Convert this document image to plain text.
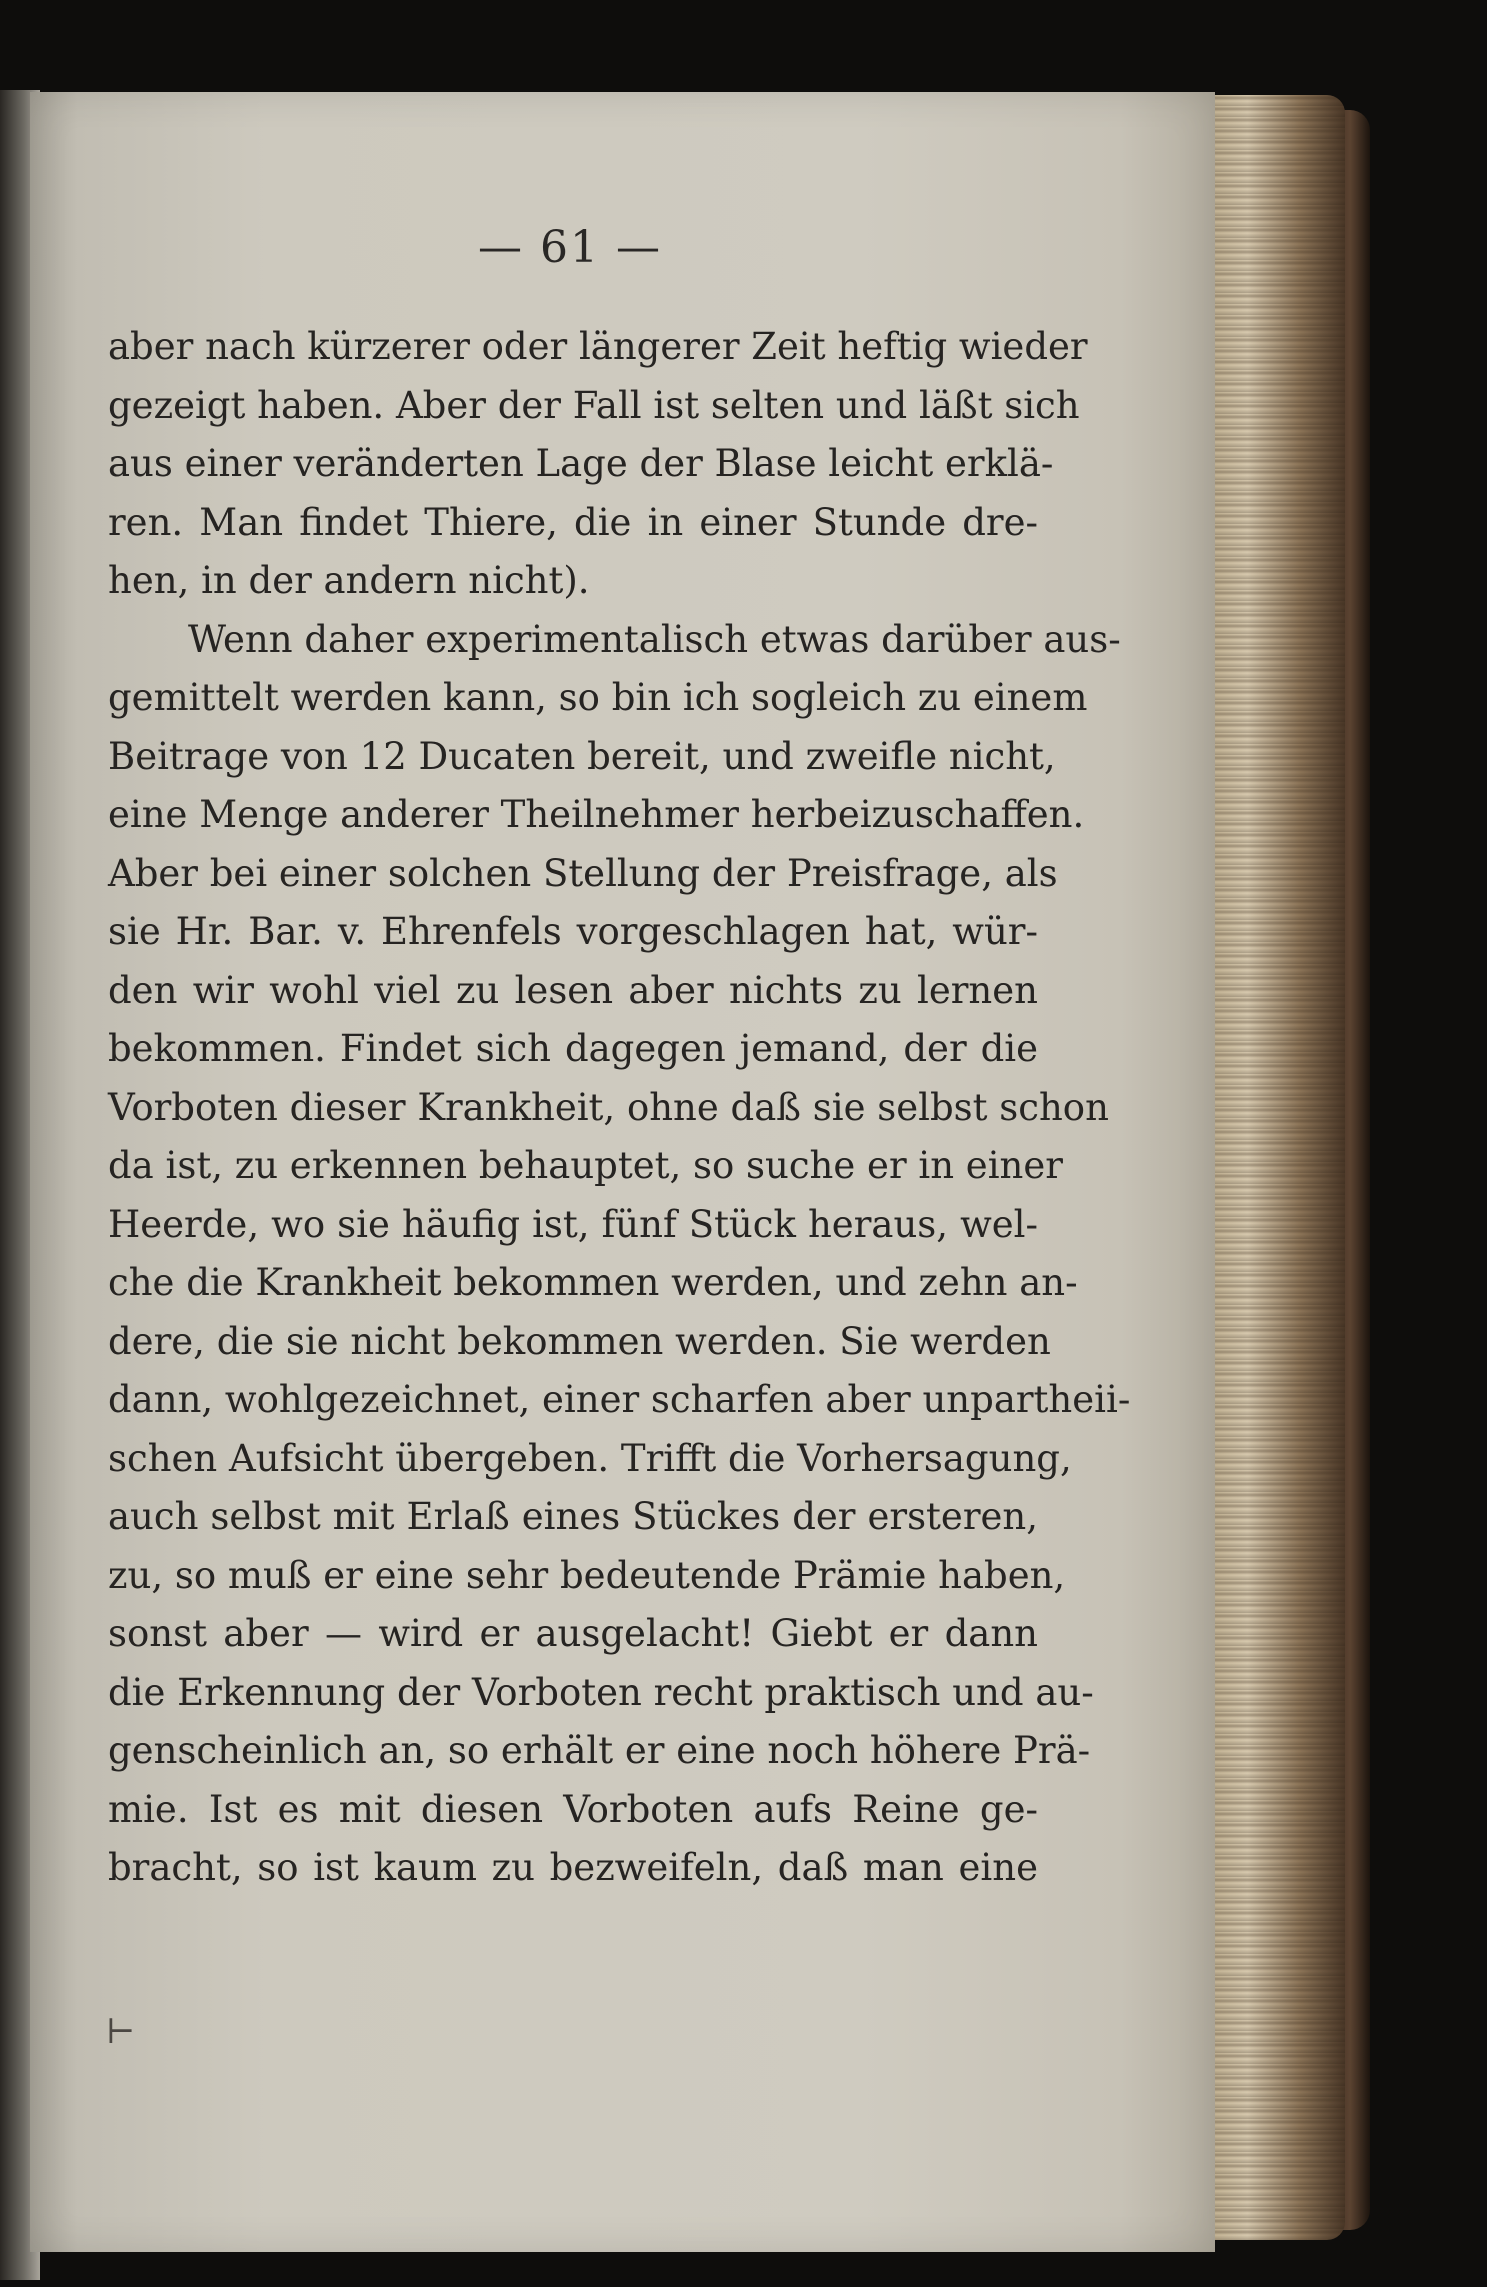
— 61 —
aber nach kürzerer oder längerer Zeit heftig wieder
gezeigt haben. Aber der Fall ist selten und läßt sich
aus einer veränderten Lage der Blase leicht erklä-
ren. Man findet Thiere, die in einer Stunde dre-
hen, in der andern nicht).
Wenn daher experimentalisch etwas darüber aus-
gemittelt werden kann, so bin ich sogleich zu einem
Beitrage von 12 Ducaten bereit, und zweifle nicht,
eine Menge anderer Theilnehmer herbeizuschaffen.
Aber bei einer solchen Stellung der Preisfrage, als
sie Hr. Bar. v. Ehrenfels vorgeschlagen hat, wür-
den wir wohl viel zu lesen aber nichts zu lernen
bekommen. Findet sich dagegen jemand, der die
Vorboten dieser Krankheit, ohne daß sie selbst schon
da ist, zu erkennen behauptet, so suche er in einer
Heerde, wo sie häufig ist, fünf Stück heraus, wel-
che die Krankheit bekommen werden, und zehn an-
dere, die sie nicht bekommen werden. Sie werden
dann, wohlgezeichnet, einer scharfen aber unpartheii-
schen Aufsicht übergeben. Trifft die Vorhersagung,
auch selbst mit Erlaß eines Stückes der ersteren,
zu, so muß er eine sehr bedeutende Prämie haben,
sonst aber — wird er ausgelacht! Giebt er dann
die Erkennung der Vorboten recht praktisch und au-
genscheinlich an, so erhält er eine noch höhere Prä-
mie. Ist es mit diesen Vorboten aufs Reine ge-
bracht, so ist kaum zu bezweifeln, daß man eine
⊢
